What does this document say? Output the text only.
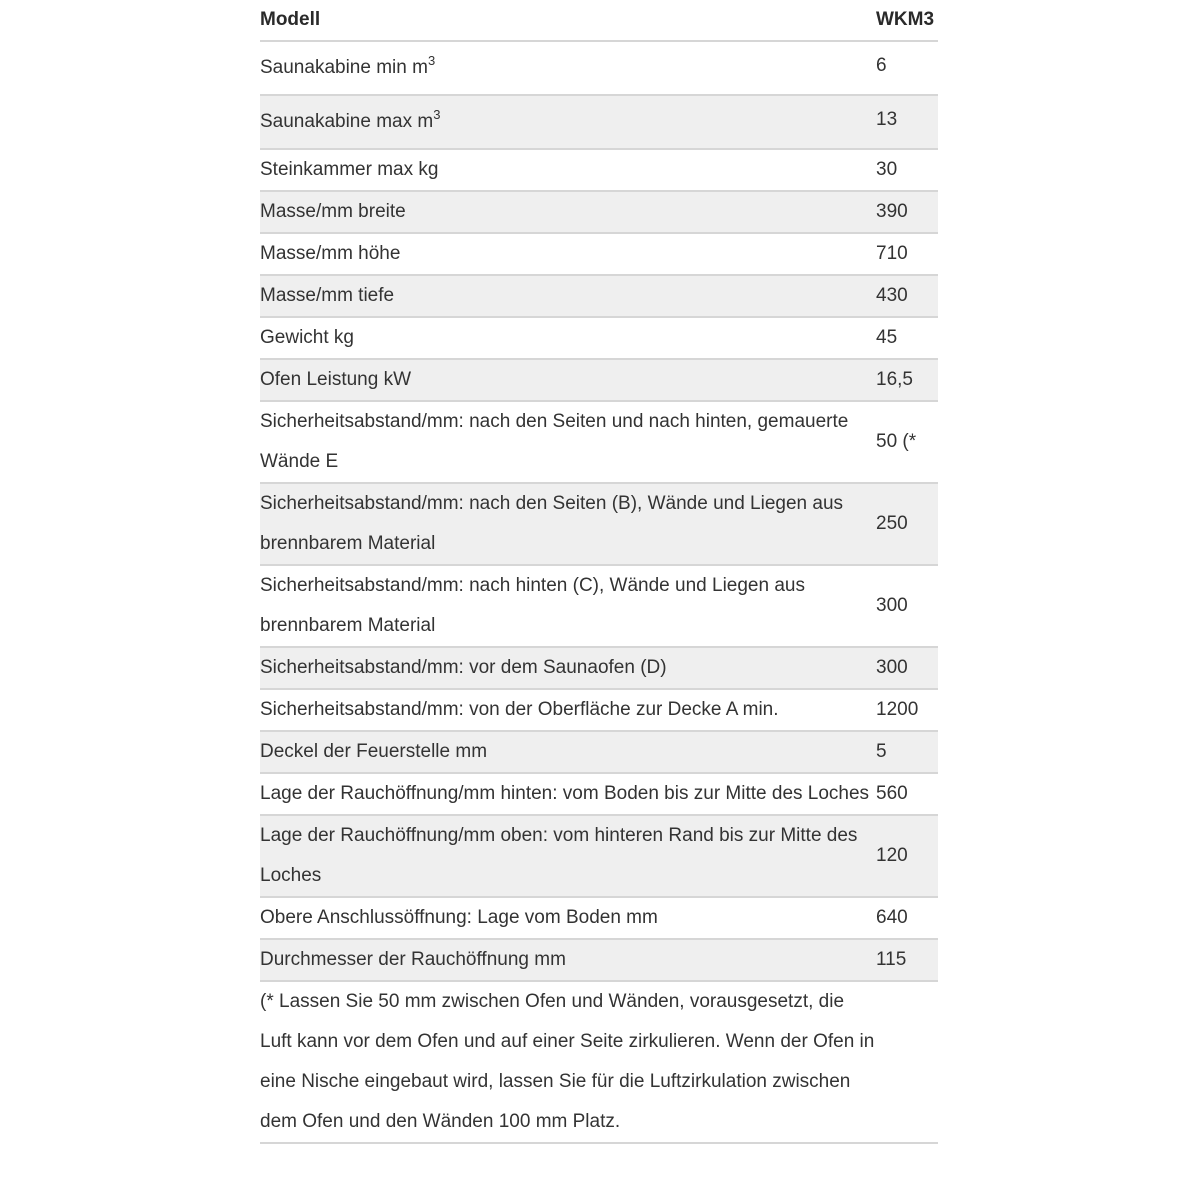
Modell	WKM3
Saunakabine $\min m^3$	6
Saunakabine $\max m^3$	13
Steinkammer max kg	30
Masse/mm breite	390
Masse/mm höhe	710
Masse/mm tiefe	430
Gewicht kg	45
Ofen Leistung kW	16,5
Sicherheitsabstand/mm: nach den Seiten und nach hinten, gemauerte Wände E	50 (*
Sicherheitsabstand/mm: nach den Seiten (B), Wände und Liegen aus brennbarem Material	250
Sicherheitsabstand/mm: nach hinten (C), Wände und Liegen aus brennbarem Material	300
Sicherheitsabstand/mm: vor dem Saunaofen (D)	300
Sicherheitsabstand/mm: von der Oberfläche zur Decke A min.	1200
Deckel der Feuerstelle mm	5
Lage der Rauchöffnung/mm hinten: vom Boden bis zur Mitte des Loches	560
Lage der Rauchöffnung/mm oben: vom hinteren Rand bis zur Mitte des Loches	120
Obere Anschlussöffnung: Lage vom Boden mm	640
Durchmesser der Rauchöffnung mm	115

(* Lassen Sie 50 mm zwischen Ofen und Wänden, vorausgesetzt, die Luft kann vor dem Ofen und auf einer Seite zirkulieren. Wenn der Ofen in eine Nische eingebaut wird, lassen Sie für die Luftzirkulation zwischen dem Ofen und den Wänden 100 mm Platz.	
